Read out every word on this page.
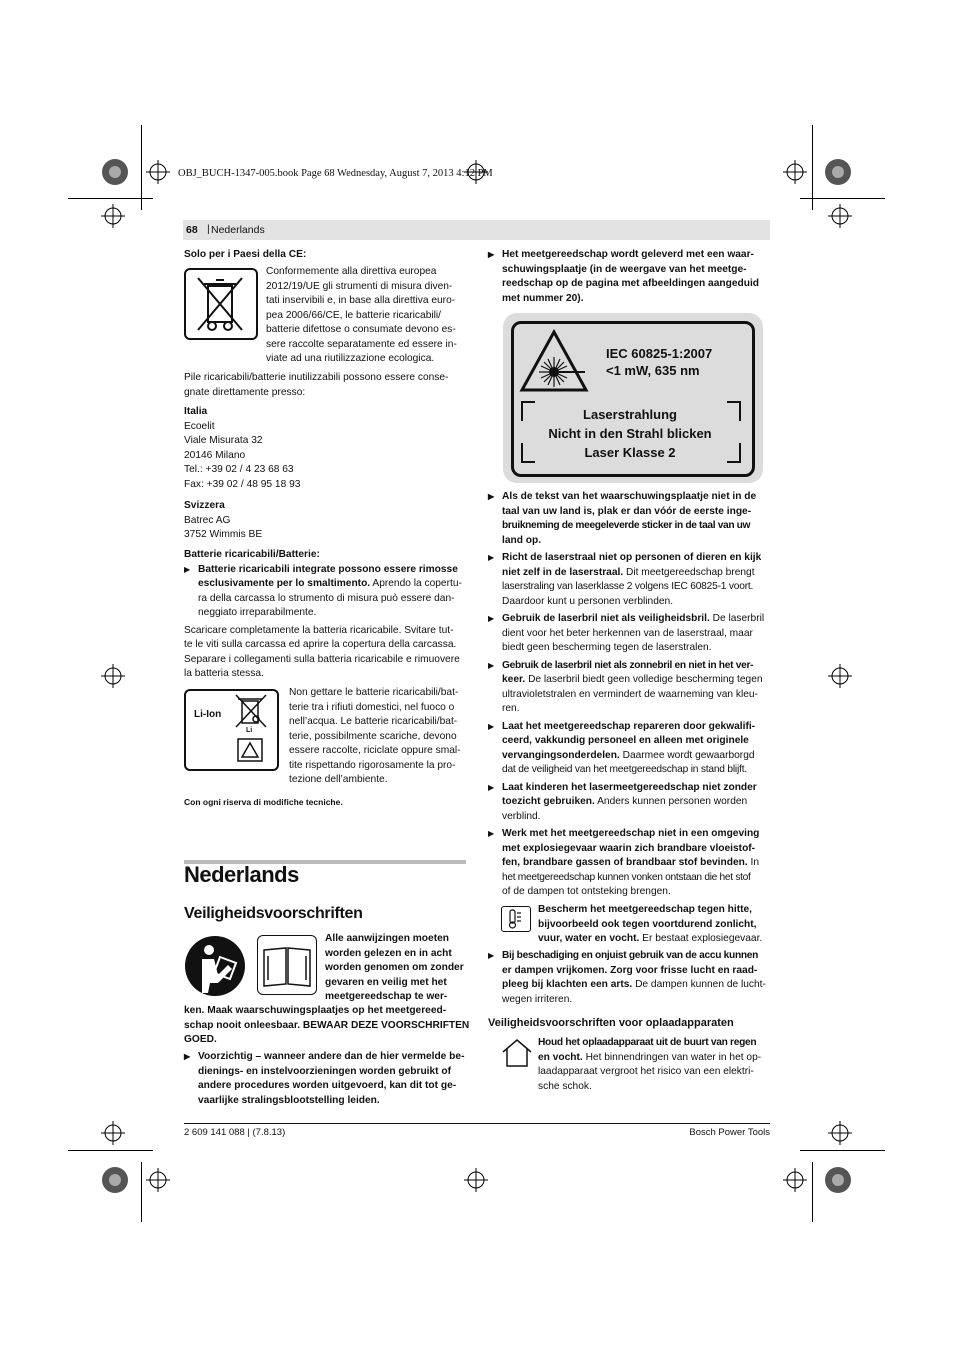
OBJ_BUCH-1347-005.book Page 68 Wednesday, August 7, 2013 4:12 PM
68 | Nederlands
Solo per i Paesi della CE:

Conformemente alla direttiva europea

2012/19/UE gli strumenti di misura diven-

tati inservibili e, in base alla direttiva euro-

pea 2006/66/CE, le batterie ricaricabili/

batterie difettose o consumate devono es-

sere raccolte separatamente ed essere in-

viate ad una riutilizzazione ecologica.

Pile ricaricabili/batterie inutilizzabili possono essere conse-

gnate direttamente presso:

Italia

Ecoelit

Viale Misurata 32

20146 Milano

Tel.: +39 02 / 4 23 68 63

Fax: +39 02 / 48 95 18 93

Svizzera

Batrec AG

3752 Wimmis BE

Batterie ricaricabili/Batterie:

▶ Batterie ricaricabili integrate possono essere rimosse

esclusivamente per lo smaltimento. Aprendo la copertu-

ra della carcassa lo strumento di misura può essere dan-

neggiato irreparabilmente.

Scaricare completamente la batteria ricaricabile. Svitare tut-

te le viti sulla carcassa ed aprire la copertura della carcassa.

Separare i collegamenti sulla batteria ricaricabile e rimuovere

la batteria stessa.

Li-Ion
Li

Non gettare le batterie ricaricabili/bat-

terie tra i rifiuti domestici, nel fuoco o

nell’acqua. Le batterie ricaricabili/bat-

terie, possibilmente scariche, devono

essere raccolte, riciclate oppure smal-

tite rispettando rigorosamente la pro-

tezione dell’ambiente.

Con ogni riserva di modifiche tecniche.
Nederlands
Veiligheidsvoorschriften

Alle aanwijzingen moeten

worden gelezen en in acht

worden genomen om zonder

gevaren en veilig met het

meetgereedschap te wer-

ken. Maak waarschuwingsplaatjes op het meetgereed-

schap nooit onleesbaar. BEWAAR DEZE VOORSCHRIFTEN

GOED.

▶ Voorzichtig – wanneer andere dan de hier vermelde be-

dienings- en instelvoorzieningen worden gebruikt of

andere procedures worden uitgevoerd, kan dit tot ge-

vaarlijke stralingsblootstelling leiden.

▶ Het meetgereedschap wordt geleverd met een waar-

schuwingsplaatje (in de weergave van het meetge-

reedschap op de pagina met afbeeldingen aangeduid

met nummer 20).

IEC 60825-1:2007

<1 mW, 635 nm

Laserstrahlung

Nicht in den Strahl blicken

Laser Klasse 2

▶ Als de tekst van het waarschuwingsplaatje niet in de

taal van uw land is, plak er dan vóór de eerste inge-

bruikneming de meegeleverde sticker in de taal van uw

land op.

▶ Richt de laserstraal niet op personen of dieren en kijk

niet zelf in de laserstraal. Dit meetgereedschap brengt

laserstraling van laserklasse 2 volgens IEC 60825-1 voort.

Daardoor kunt u personen verblinden.

▶ Gebruik de laserbril niet als veiligheidsbril. De laserbril

dient voor het beter herkennen van de laserstraal, maar

biedt geen bescherming tegen de laserstralen.

▶ Gebruik de laserbril niet als zonnebril en niet in het ver-

keer. De laserbril biedt geen volledige bescherming tegen

ultravioletstralen en vermindert de waarneming van kleu-

ren.

▶ Laat het meetgereedschap repareren door gekwalifi-

ceerd, vakkundig personeel en alleen met originele

vervangingsonderdelen. Daarmee wordt gewaarborgd

dat de veiligheid van het meetgereedschap in stand blijft.

▶ Laat kinderen het lasermeetgereedschap niet zonder

toezicht gebruiken. Anders kunnen personen worden

verblind.

▶ Werk met het meetgereedschap niet in een omgeving

met explosiegevaar waarin zich brandbare vloeistof-

fen, brandbare gassen of brandbaar stof bevinden. In

het meetgereedschap kunnen vonken ontstaan die het stof

of de dampen tot ontsteking brengen.

Bescherm het meetgereedschap tegen hitte,

bijvoorbeeld ook tegen voortdurend zonlicht,

vuur, water en vocht. Er bestaat explosiegevaar.

▶ Bij beschadiging en onjuist gebruik van de accu kunnen

er dampen vrijkomen. Zorg voor frisse lucht en raad-

pleeg bij klachten een arts. De dampen kunnen de lucht-

wegen irriteren.

Veiligheidsvoorschriften voor oplaadapparaten

Houd het oplaadapparaat uit de buurt van regen

en vocht. Het binnendringen van water in het op-

laadapparaat vergroot het risico van een elektri-

sche schok.

2 609 141 088 | (7.8.13)	Bosch Power Tools
